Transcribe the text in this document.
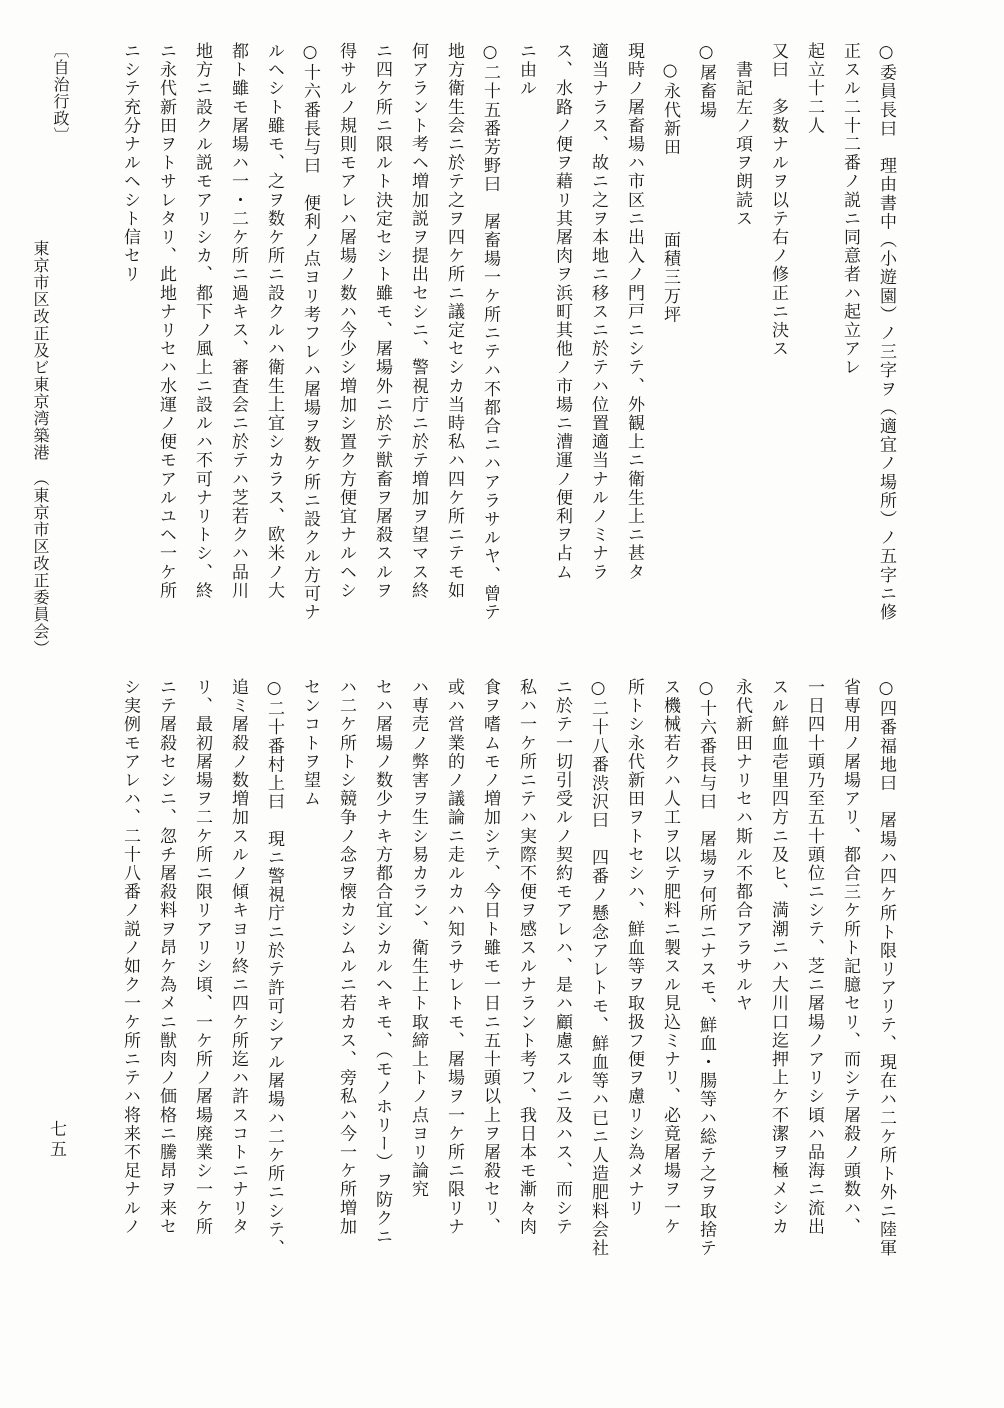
○委員長曰　理由書中（小遊園）ノ三字ヲ（適宜ノ場所）ノ五字ニ修
正スル二十二番ノ説ニ同意者ハ起立アレ
起立十二人
又曰　多数ナルヲ以テ右ノ修正ニ決ス
　書記左ノ項ヲ朗読ス
○屠畜場
　○永代新田　　　　面積三万坪
現時ノ屠畜場ハ市区ニ出入ノ門戸ニシテ、外観上ニ衛生上ニ甚タ
適当ナラス、故ニ之ヲ本地ニ移スニ於テハ位置適当ナルノミナラ
ス、水路ノ便ヲ藉リ其屠肉ヲ浜町其他ノ市場ニ漕運ノ便利ヲ占ム
ニ由ル
○二十五番芳野曰　屠畜場一ケ所ニテハ不都合ニハアラサルヤ、曾テ
地方衛生会ニ於テ之ヲ四ケ所ニ議定セシカ当時私ハ四ケ所ニテモ如
何アラント考ヘ増加説ヲ提出セシニ、警視庁ニ於テ増加ヲ望マス終
ニ四ケ所ニ限ルト決定セシト雖モ、屠場外ニ於テ獣畜ヲ屠殺スルヲ
得サルノ規則モアレハ屠場ノ数ハ今少シ増加シ置ク方便宜ナルヘシ
○十六番長与曰　便利ノ点ヨリ考フレハ屠場ヲ数ケ所ニ設クル方可ナ
ルヘシト雖モ、之ヲ数ケ所ニ設クルハ衛生上宜シカラス、欧米ノ大
都ト雖モ屠場ハ一・二ケ所ニ過キス、審査会ニ於テハ芝若クハ品川
地方ニ設クル説モアリシカ、都下ノ風上ニ設ルハ不可ナリトシ、終
ニ永代新田ヲトサレタリ、此地ナリセハ水運ノ便モアルユヘ一ケ所
ニシテ充分ナルヘシト信セリ
○四番福地曰　屠場ハ四ケ所ト限リアリテ、現在ハ二ケ所ト外ニ陸軍
省専用ノ屠場アリ、都合三ケ所ト記臆セリ、而シテ屠殺ノ頭数ハ、
一日四十頭乃至五十頭位ニシテ、芝ニ屠場ノアリシ頃ハ品海ニ流出
スル鮮血壱里四方ニ及ヒ、満潮ニハ大川口迄押上ケ不潔ヲ極メシカ
永代新田ナリセハ斯ル不都合アラサルヤ
○十六番長与曰　屠場ヲ何所ニナスモ、鮮血・腸等ハ総テ之ヲ取捨テ
ス機械若クハ人工ヲ以テ肥料ニ製スル見込ミナリ、必竟屠場ヲ一ケ
所トシ永代新田ヲトセシハ、鮮血等ヲ取扱フ便ヲ慮リシ為メナリ
○二十八番渋沢曰　四番ノ懸念アレトモ、鮮血等ハ已ニ人造肥料会社
ニ於テ一切引受ルノ契約モアレハ、是ハ顧慮スルニ及ハス、而シテ
私ハ一ケ所ニテハ実際不便ヲ感スルナラント考フ、我日本モ漸々肉
食ヲ嗜ムモノ増加シテ、今日ト雖モ一日ニ五十頭以上ヲ屠殺セリ、
或ハ営業的ノ議論ニ走ルカハ知ラサレトモ、屠場ヲ一ケ所ニ限リナ
ハ専売ノ弊害ヲ生シ易カラン、衛生上ト取締上トノ点ヨリ論究
セハ屠場ノ数少ナキ方都合宜シカルヘキモ、（モノホリー）ヲ防クニ
ハ二ケ所トシ競争ノ念ヲ懐カシムルニ若カス、旁私ハ今一ケ所増加
センコトヲ望ム
○二十番村上曰　現ニ警視庁ニ於テ許可シアル屠場ハ二ケ所ニシテ、
追ミ屠殺ノ数増加スルノ傾キヨリ終ニ四ケ所迄ハ許スコトニナリタ
リ、最初屠場ヲ二ケ所ニ限リアリシ頃、一ケ所ノ屠場廃業シ一ケ所
ニテ屠殺セシニ、忽チ屠殺料ヲ昂ケ為メニ獣肉ノ価格ニ騰昂ヲ来セ
シ実例モアレハ、二十八番ノ説ノ如ク一ケ所ニテハ将来不足ナルノ
〔自治行政〕
東京市区改正及ビ東京湾築港　（東京市区改正委員会）
七五
